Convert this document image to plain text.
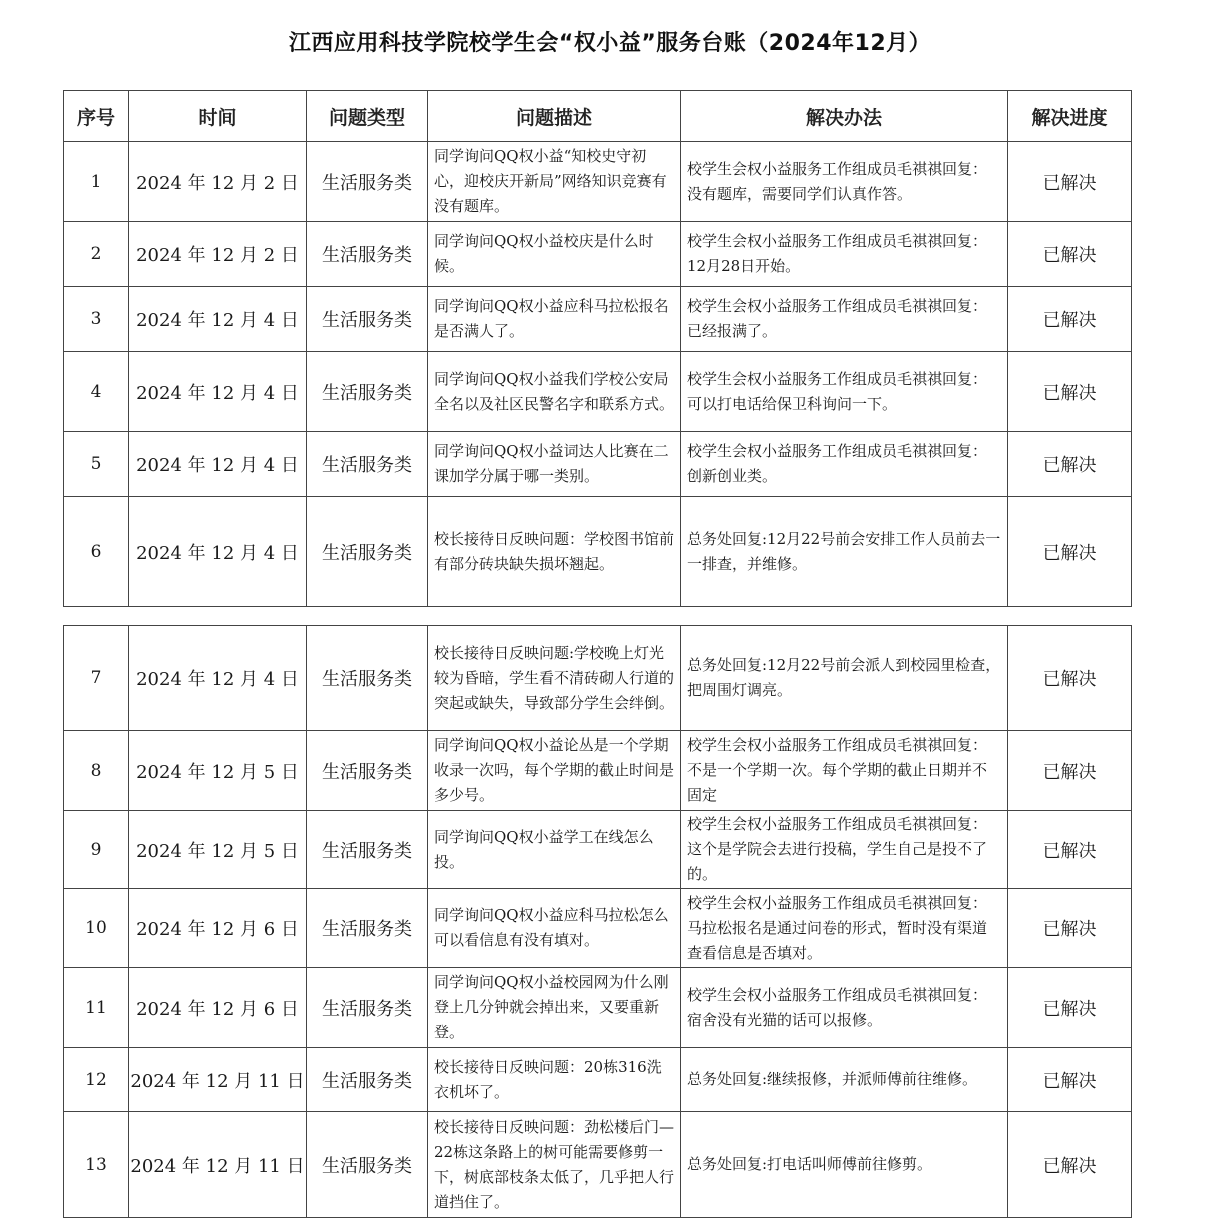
江西应用科技学院校学生会“权小益”服务台账（2024年12月）
序号	时间	问题类型	问题描述	解决办法	解决进度
1	2024 年 12 月 2 日	生活服务类	同学询问QQ权小益“知校史守初心，迎校庆开新局”网络知识竞赛有没有题库。	校学生会权小益服务工作组成员毛祺祺回复：没有题库，需要同学们认真作答。	已解决
2	2024 年 12 月 2 日	生活服务类	同学询问QQ权小益校庆是什么时候。	校学生会权小益服务工作组成员毛祺祺回复：12月28日开始。	已解决
3	2024 年 12 月 4 日	生活服务类	同学询问QQ权小益应科马拉松报名是否满人了。	校学生会权小益服务工作组成员毛祺祺回复：已经报满了。	已解决
4	2024 年 12 月 4 日	生活服务类	同学询问QQ权小益我们学校公安局全名以及社区民警名字和联系方式。	校学生会权小益服务工作组成员毛祺祺回复：可以打电话给保卫科询问一下。	已解决
5	2024 年 12 月 4 日	生活服务类	同学询问QQ权小益词达人比赛在二课加学分属于哪一类别。	校学生会权小益服务工作组成员毛祺祺回复：创新创业类。	已解决
6	2024 年 12 月 4 日	生活服务类	校长接待日反映问题：学校图书馆前有部分砖块缺失损坏翘起。	总务处回复:12月22号前会安排工作人员前去一一排查，并维修。	已解决
7	2024 年 12 月 4 日	生活服务类	校长接待日反映问题:学校晚上灯光较为昏暗，学生看不清砖砌人行道的突起或缺失，导致部分学生会绊倒。	总务处回复:12月22号前会派人到校园里检查，把周围灯调亮。	已解决
8	2024 年 12 月 5 日	生活服务类	同学询问QQ权小益论丛是一个学期收录一次吗，每个学期的截止时间是多少号。	校学生会权小益服务工作组成员毛祺祺回复：不是一个学期一次。每个学期的截止日期并不固定	已解决
9	2024 年 12 月 5 日	生活服务类	同学询问QQ权小益学工在线怎么投。	校学生会权小益服务工作组成员毛祺祺回复：这个是学院会去进行投稿，学生自己是投不了的。	已解决
10	2024 年 12 月 6 日	生活服务类	同学询问QQ权小益应科马拉松怎么可以看信息有没有填对。	校学生会权小益服务工作组成员毛祺祺回复：马拉松报名是通过问卷的形式，暂时没有渠道查看信息是否填对。	已解决
11	2024 年 12 月 6 日	生活服务类	同学询问QQ权小益校园网为什么刚登上几分钟就会掉出来，又要重新登。	校学生会权小益服务工作组成员毛祺祺回复：宿舍没有光猫的话可以报修。	已解决
12	2024 年 12 月 11 日	生活服务类	校长接待日反映问题：20栋316洗衣机坏了。	总务处回复:继续报修，并派师傅前往维修。	已解决
13	2024 年 12 月 11 日	生活服务类	校长接待日反映问题：劲松楼后门—22栋这条路上的树可能需要修剪一下，树底部枝条太低了，几乎把人行道挡住了。	总务处回复:打电话叫师傅前往修剪。	已解决
